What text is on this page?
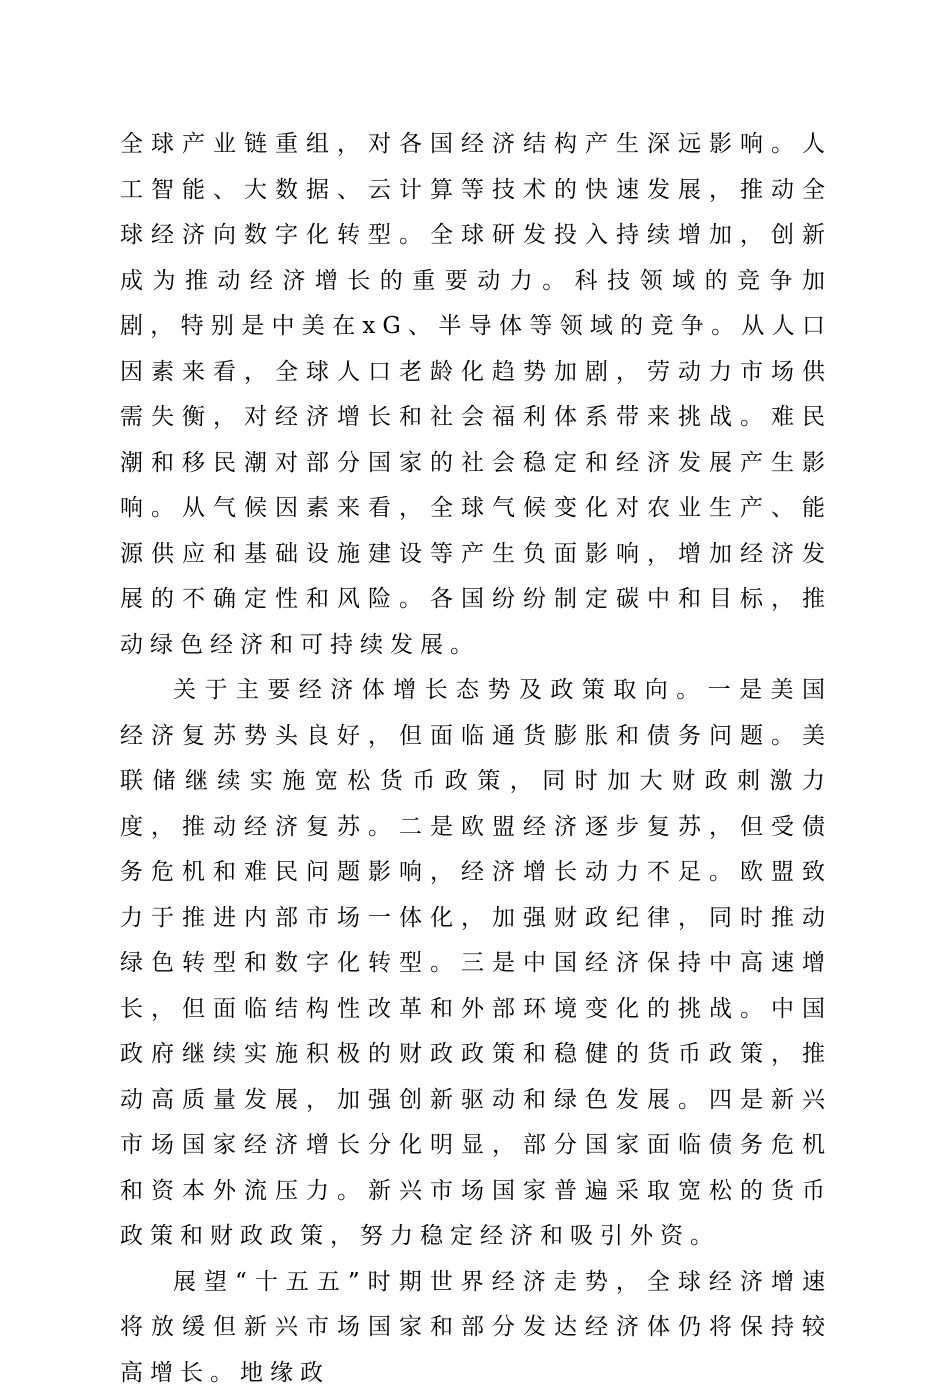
全球产业链重组，对各国经济结构产生深远影响。人工智能、大数据、云计算等技术的快速发展，推动全球经济向数字化转型。全球研发投入持续增加，创新成为推动经济增长的重要动力。科技领域的竞争加剧，特别是中美在xG、半导体等领域的竞争。从人口因素来看，全球人口老龄化趋势加剧，劳动力市场供需失衡，对经济增长和社会福利体系带来挑战。难民潮和移民潮对部分国家的社会稳定和经济发展产生影响。从气候因素来看，全球气候变化对农业生产、能源供应和基础设施建设等产生负面影响，增加经济发展的不确定性和风险。各国纷纷制定碳中和目标，推动绿色经济和可持续发展。

关于主要经济体增长态势及政策取向。一是美国经济复苏势头良好，但面临通货膨胀和债务问题。美联储继续实施宽松货币政策，同时加大财政刺激力度，推动经济复苏。二是欧盟经济逐步复苏，但受债务危机和难民问题影响，经济增长动力不足。欧盟致力于推进内部市场一体化，加强财政纪律，同时推动绿色转型和数字化转型。三是中国经济保持中高速增长，但面临结构性改革和外部环境变化的挑战。中国政府继续实施积极的财政政策和稳健的货币政策，推动高质量发展，加强创新驱动和绿色发展。四是新兴市场国家经济增长分化明显，部分国家面临债务危机和资本外流压力。新兴市场国家普遍采取宽松的货币政策和财政政策，努力稳定经济和吸引外资。

展望“十五五”时期世界经济走势，全球经济增速将放缓但新兴市场国家和部分发达经济体仍将保持较高增长。地缘政
